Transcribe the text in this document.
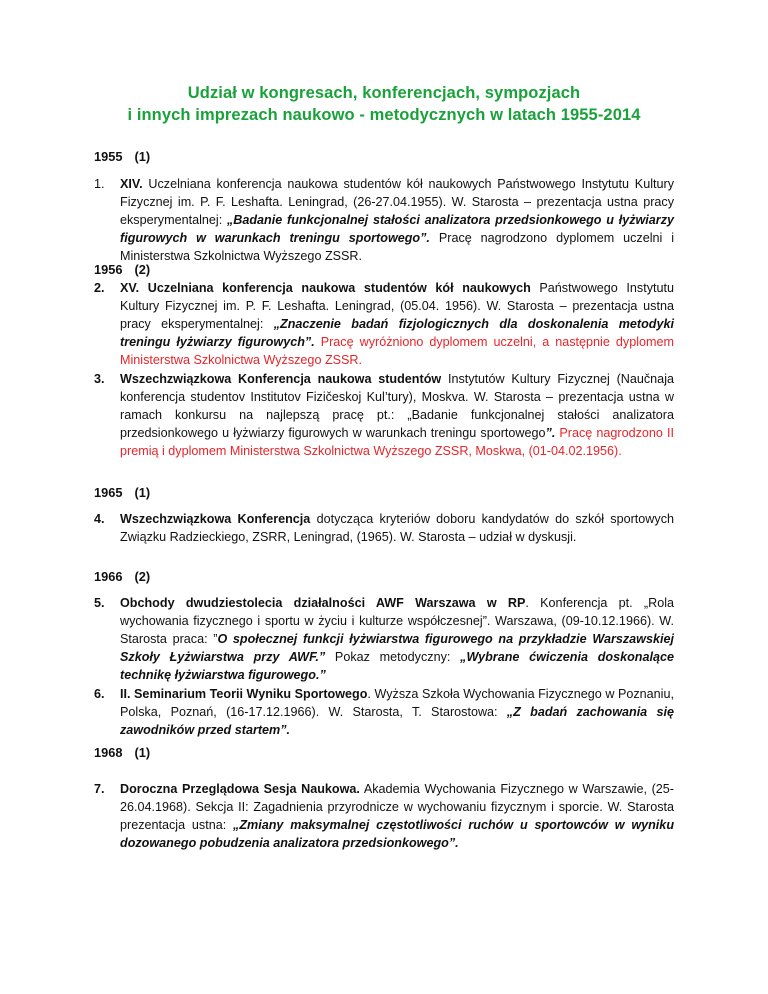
Udział w kongresach, konferencjach, sympozjach
i innych imprezach naukowo - metodycznych w latach 1955-2014
1955 (1)
1.	XIV. Uczelniana konferencja naukowa studentów kół naukowych Państwowego Instytutu Kultury Fizycznej im. P. F. Leshafta. Leningrad, (26-27.04.1955). W. Starosta – prezentacja ustna pracy eksperymentalnej: „Badanie funkcjonalnej stałości analizatora przedsionkowego u łyżwiarzy figurowych w warunkach treningu sportowego”. Pracę nagrodzono dyplomem uczelni i Ministerstwa Szkolnictwa Wyższego ZSSR.
1956 (2)
2.	XV. Uczelniana konferencja naukowa studentów kół naukowych Państwowego Instytutu Kultury Fizycznej im. P. F. Leshafta. Leningrad, (05.04. 1956). W. Starosta – prezentacja ustna pracy eksperymentalnej: „Znaczenie badań fizjologicznych dla doskonalenia metodyki treningu łyżwiarzy figurowych”. Pracę wyróżniono dyplomem uczelni, a następnie dyplomem Ministerstwa Szkolnictwa Wyższego ZSSR.
3.	Wszechzwiązkowa Konferencja naukowa studentów Instytutów Kultury Fizycznej (Naučnaja konferencja studentov Institutov Fizičeskoj Kul’tury), Moskva. W. Starosta – prezentacja ustna w ramach konkursu na najlepszą pracę pt.: „Badanie funkcjonalnej stałości analizatora przedsionkowego u łyżwiarzy figurowych w warunkach treningu sportowego”. Pracę nagrodzono II premią i dyplomem Ministerstwa Szkolnictwa Wyższego ZSSR, Moskwa, (01-04.02.1956).
1965 (1)
4.	Wszechzwiązkowa Konferencja dotycząca kryteriów doboru kandydatów do szkół sportowych Związku Radzieckiego, ZSRR, Leningrad, (1965). W. Starosta – udział w dyskusji.
1966 (2)
5.	Obchody dwudziestolecia działalności AWF Warszawa w RP. Konferencja pt. „Rola wychowania fizycznego i sportu w życiu i kulturze współczesnej”. Warszawa, (09-10.12.1966). W. Starosta praca: ”O społecznej funkcji łyżwiarstwa figurowego na przykładzie Warszawskiej Szkoły Łyżwiarstwa przy AWF.” Pokaz metodyczny: „Wybrane ćwiczenia doskonalące technikę łyżwiarstwa figurowego.”
6.	II. Seminarium Teorii Wyniku Sportowego. Wyższa Szkoła Wychowania Fizycznego w Poznaniu, Polska, Poznań, (16-17.12.1966). W. Starosta, T. Starostowa: „Z badań zachowania się zawodników przed startem”.
1968 (1)
7.	Doroczna Przeglądowa Sesja Naukowa. Akademia Wychowania Fizycznego w Warszawie, (25-26.04.1968). Sekcja II: Zagadnienia przyrodnicze w wychowaniu fizycznym i sporcie. W. Starosta prezentacja ustna: „Zmiany maksymalnej częstotliwości ruchów u sportowców w wyniku dozowanego pobudzenia analizatora przedsionkowego”.
